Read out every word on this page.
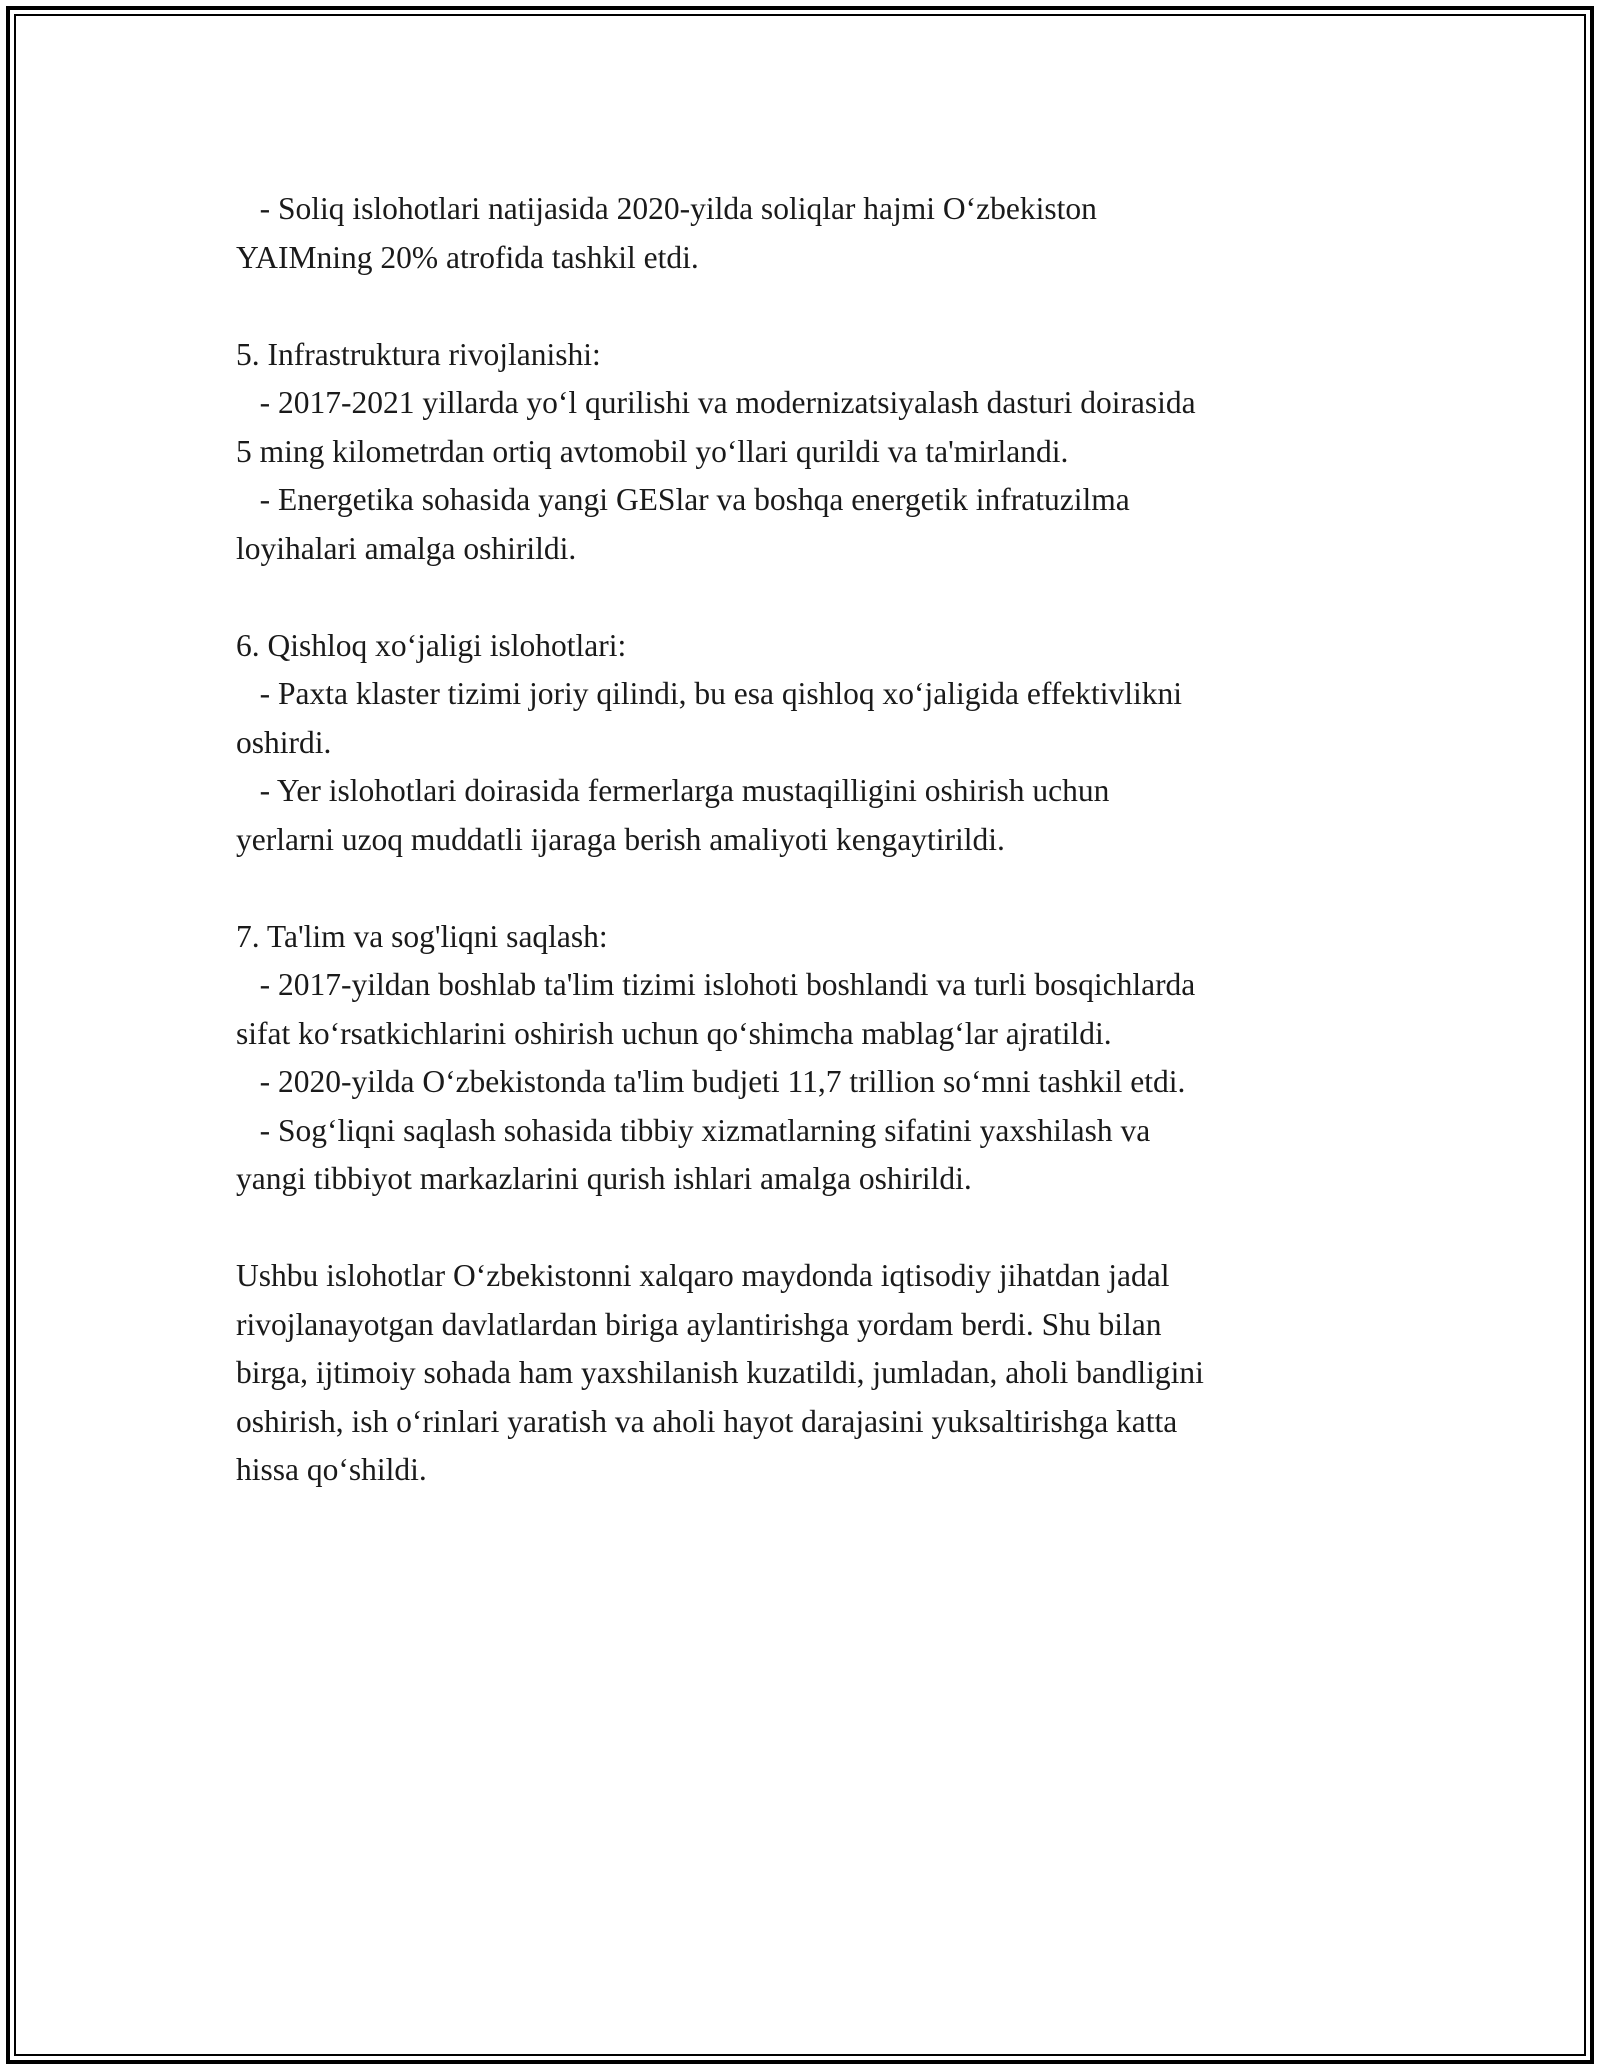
- Soliq islohotlari natijasida 2020-yilda soliqlar hajmi O‘zbekiston
YAIMning 20% atrofida tashkil etdi.
5. Infrastruktura rivojlanishi:
- 2017-2021 yillarda yo‘l qurilishi va modernizatsiyalash dasturi doirasida
5 ming kilometrdan ortiq avtomobil yo‘llari qurildi va ta'mirlandi.
- Energetika sohasida yangi GESlar va boshqa energetik infratuzilma
loyihalari amalga oshirildi.
6. Qishloq xo‘jaligi islohotlari:
- Paxta klaster tizimi joriy qilindi, bu esa qishloq xo‘jaligida effektivlikni
oshirdi.
- Yer islohotlari doirasida fermerlarga mustaqilligini oshirish uchun
yerlarni uzoq muddatli ijaraga berish amaliyoti kengaytirildi.
7. Ta'lim va sog'liqni saqlash:
- 2017-yildan boshlab ta'lim tizimi islohoti boshlandi va turli bosqichlarda
sifat ko‘rsatkichlarini oshirish uchun qo‘shimcha mablag‘lar ajratildi.
- 2020-yilda O‘zbekistonda ta'lim budjeti 11,7 trillion so‘mni tashkil etdi.
- Sog‘liqni saqlash sohasida tibbiy xizmatlarning sifatini yaxshilash va
yangi tibbiyot markazlarini qurish ishlari amalga oshirildi.
Ushbu islohotlar O‘zbekistonni xalqaro maydonda iqtisodiy jihatdan jadal
rivojlanayotgan davlatlardan biriga aylantirishga yordam berdi. Shu bilan
birga, ijtimoiy sohada ham yaxshilanish kuzatildi, jumladan, aholi bandligini
oshirish, ish o‘rinlari yaratish va aholi hayot darajasini yuksaltirishga katta
hissa qo‘shildi.
